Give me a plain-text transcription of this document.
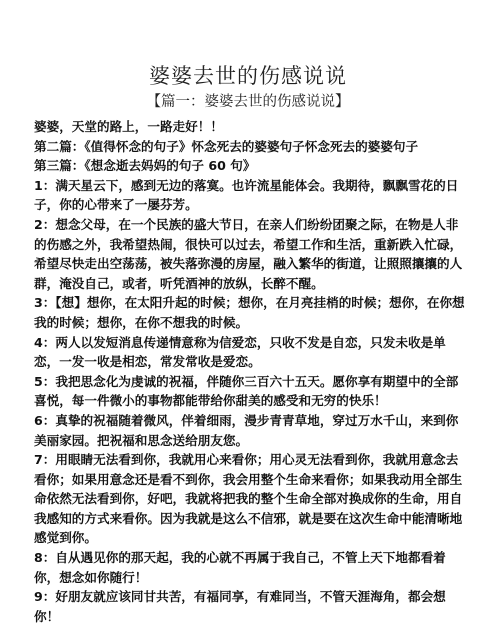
婆婆去世的伤感说说
【篇一：婆婆去世的伤感说说】

婆婆，天堂的路上，一路走好！！

第二篇：《值得怀念的句子》怀念死去的婆婆句子怀念死去的婆婆句子

第三篇：《想念逝去妈妈的句子 60 句》

1：满天星云下，感到无边的落寞。也许流星能体会。我期待，飘飘雪花的日子，你的心带来了一屡芬芳。

2：想念父母，在一个民族的盛大节日，在亲人们纷纷团聚之际，在物是人非的伤感之外，我希望热闹，很快可以过去，希望工作和生活，重新跌入忙碌，希望尽快走出空荡荡，被失落弥漫的房屋，融入繁华的街道，让照照攘攘的人群，淹没自己，或者，听凭酒神的放纵，长醉不醒。

3：【想】想你，在太阳升起的时候；想你，在月亮挂梢的时候；想你，在你想我的时候；想你，在你不想我的时候。

4：两人以发短消息传递情意称为信爱恋，只收不发是自恋，只发未收是单恋，一发一收是相恋，常发常收是爱恋。

5：我把思念化为虔诚的祝福，伴随你三百六十五天。愿你享有期望中的全部喜悦，每一件微小的事物都能带给你甜美的感受和无穷的快乐！

6：真挚的祝福随着微风，伴着细雨，漫步青青草地，穿过万水千山，来到你美丽家园。把祝福和思念送给朋友您。

7：用眼睛无法看到你，我就用心来看你；用心灵无法看到你，我就用意念去看你；如果用意念还是看不到你，我会用整个生命来看你；如果我动用全部生命依然无法看到你，好吧，我就将把我的整个生命全部对换成你的生命，用自我感知的方式来看你。因为我就是这么不信邪，就是要在这次生命中能清晰地感觉到你。

8：自从遇见你的那天起，我的心就不再属于我自己，不管上天下地都看着你，想念如你随行！

9：好朋友就应该同甘共苦，有福同享，有难同当，不管天涯海角，都会想你！
